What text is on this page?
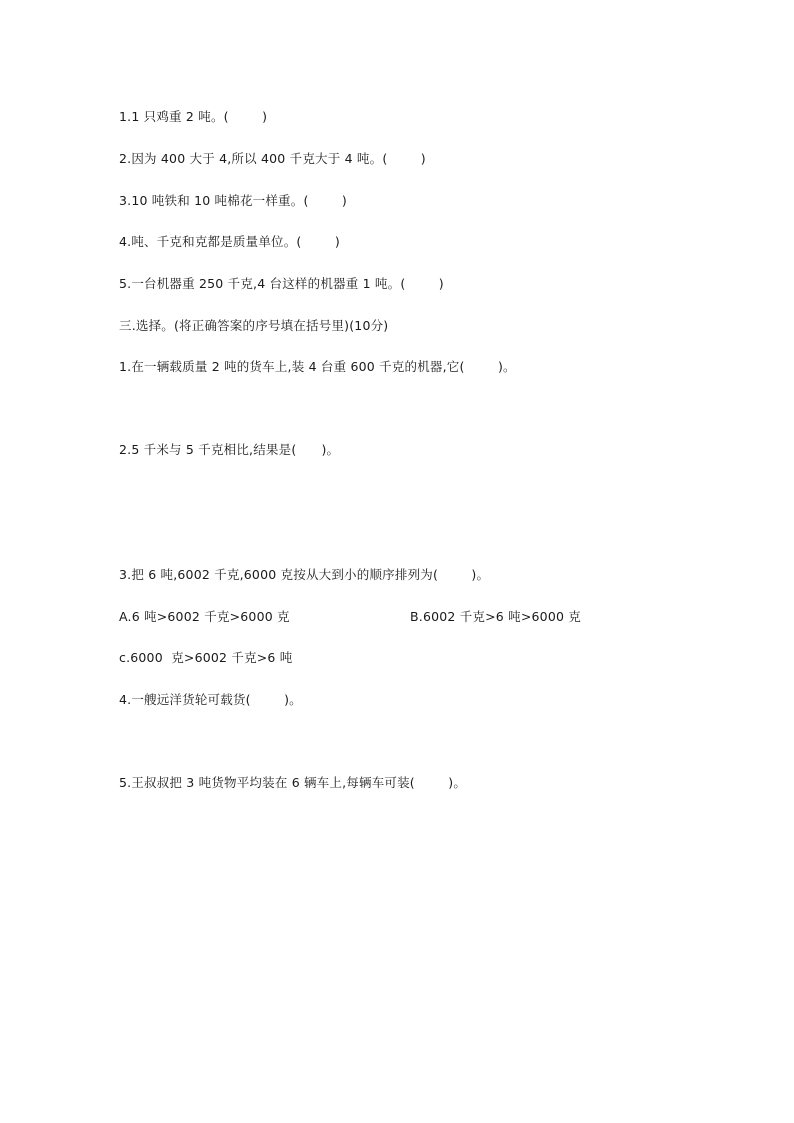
1.1 只鸡重 2 吨。(        )
2.因为 400 大于 4,所以 400 千克大于 4 吨。(        )
3.10 吨铁和 10 吨棉花一样重。(        )
4.吨、千克和克都是质量单位。(        )
5.一台机器重 250 千克,4 台这样的机器重 1 吨。(        )
三.选择。(将正确答案的序号填在括号里)(10分)
1.在一辆载质量 2 吨的货车上,装 4 台重 600 千克的机器,它(        )。
2.5 千米与 5 千克相比,结果是(      )。
3.把 6 吨,6002 千克,6000 克按从大到小的顺序排列为(        )。
A.6 吨>6002 千克>6000 克	B.6002 千克>6 吨>6000 克
c.6000  克>6002 千克>6 吨
4.一艘远洋货轮可载货(        )。
5.王叔叔把 3 吨货物平均装在 6 辆车上,每辆车可装(        )。
